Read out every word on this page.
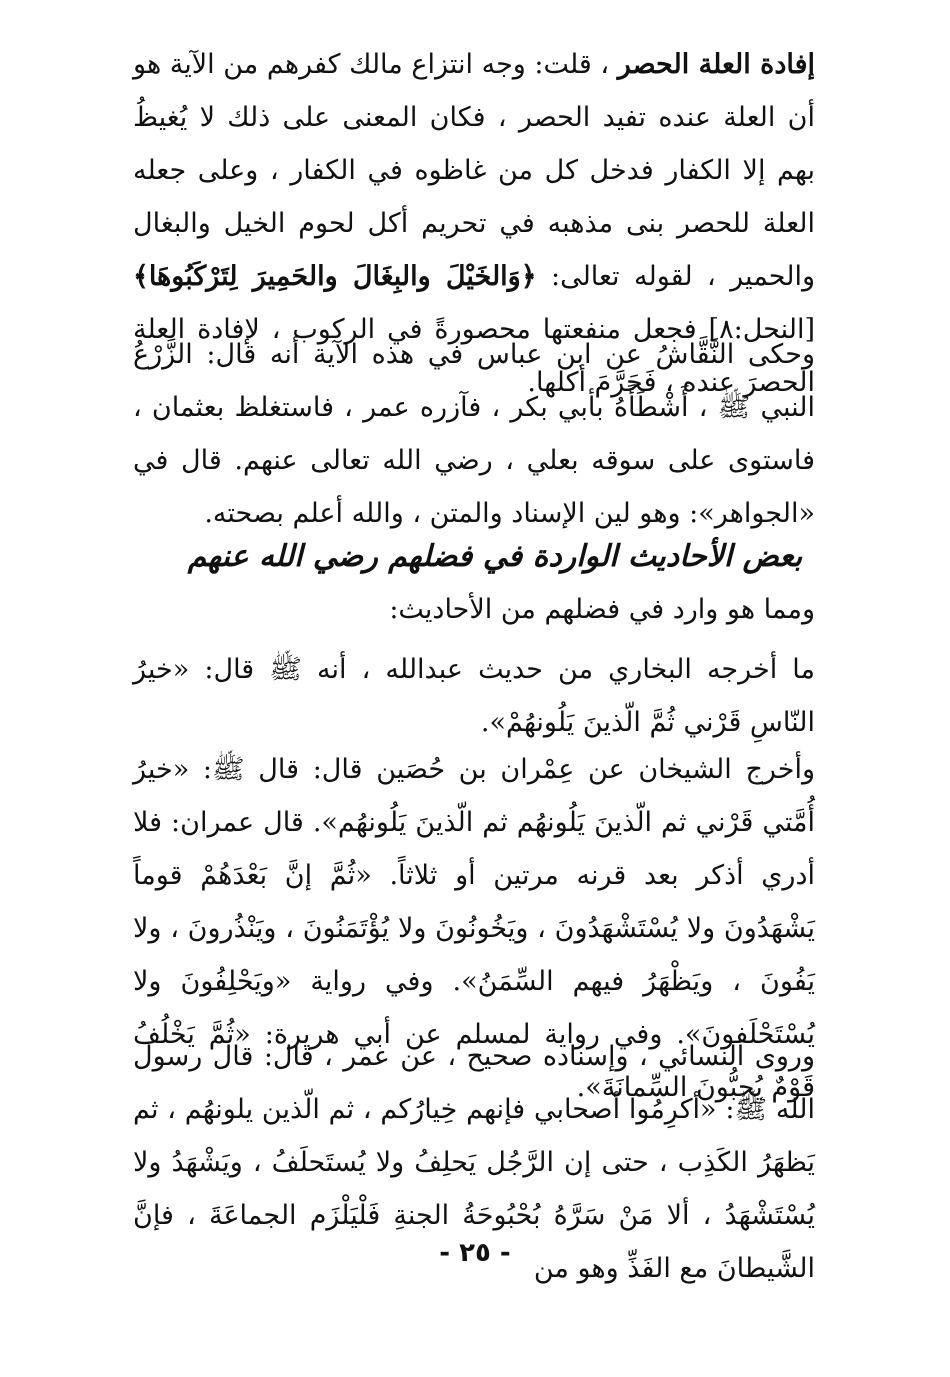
إفادة العلة الحصر ، قلت: وجه انتزاع مالك كفرهم من الآية هو أن العلة عنده تفيد الحصر ، فكان المعنى على ذلك لا يُغيظُ بهم إلا الكفار فدخل كل من غاظوه في الكفار ، وعلى جعله العلة للحصر بنى مذهبه في تحريم أكل لحوم الخيل والبغال والحمير ، لقوله تعالى: ﴿وَالخَيْلَ والبِغَالَ والحَمِيرَ لِتَرْكَبُوهَا﴾ [النحل:٨] فجعل منفعتها محصورةً في الركوب ، لإفادة العلة الحصرَ عنده ، فَحَرَّمَ أكلها.

وحكى النَّقَّاشُ عن ابن عباس في هذه الآية أنه قال: الزَّرْعُ النبي ﷺ ، أَشْطَأَهُ بأبي بكر ، فآزره عمر ، فاستغلظ بعثمان ، فاستوى على سوقه بعلي ، رضي الله تعالى عنهم. قال في «الجواهر»: وهو لين الإسناد والمتن ، والله أعلم بصحته.

بعض الأحاديث الواردة في فضلهم رضي الله عنهم

ومما هو وارد في فضلهم من الأحاديث:

ما أخرجه البخاري من حديث عبدالله ، أنه ﷺ قال: «خيرُ النّاسِ قَرْني ثُمَّ الّذينَ يَلُونهُمْ».

وأخرج الشيخان عن عِمْران بن حُصَين قال: قال ﷺ: «خيرُ أُمَّتي قَرْني ثم الّذينَ يَلُونهُم ثم الّذينَ يَلُونهُم». قال عمران: فلا أدري أذكر بعد قرنه مرتين أو ثلاثاً. «ثُمَّ إنَّ بَعْدَهُمْ قوماً يَشْهَدُونَ ولا يُسْتَشْهَدُونَ ، ويَخُونُونَ ولا يُؤْتَمَنُونَ ، ويَنْذُرونَ ، ولا يَفُونَ ، ويَظْهَرُ فيهم السِّمَنُ». وفي رواية «ويَحْلِفُونَ ولا يُسْتَحْلَفونَ». وفي رواية لمسلم عن أبي هريرة: «ثُمَّ يَخْلُفُ قَوْمٌ يُحِبُّونَ السِّمانَةَ».

وروى النسائي ، وإسناده صحيح ، عن عمر ، قال: قال رسول الله ﷺ: «أكرِمُوا أصحابي فإنهم خِيارُكم ، ثم الّذين يلونهُم ، ثم يَظهَرُ الكَذِب ، حتى إن الرَّجُل يَحلِفُ ولا يُستَحلَفُ ، ويَشْهَدُ ولا يُسْتَشْهَدُ ، ألا مَنْ سَرَّهُ بُحْبُوحَةُ الجنةِ فَلْيَلْزَم الجماعَةَ ، فإنَّ الشَّيطانَ مع الفَذِّ وهو من

- ٢٥ -
